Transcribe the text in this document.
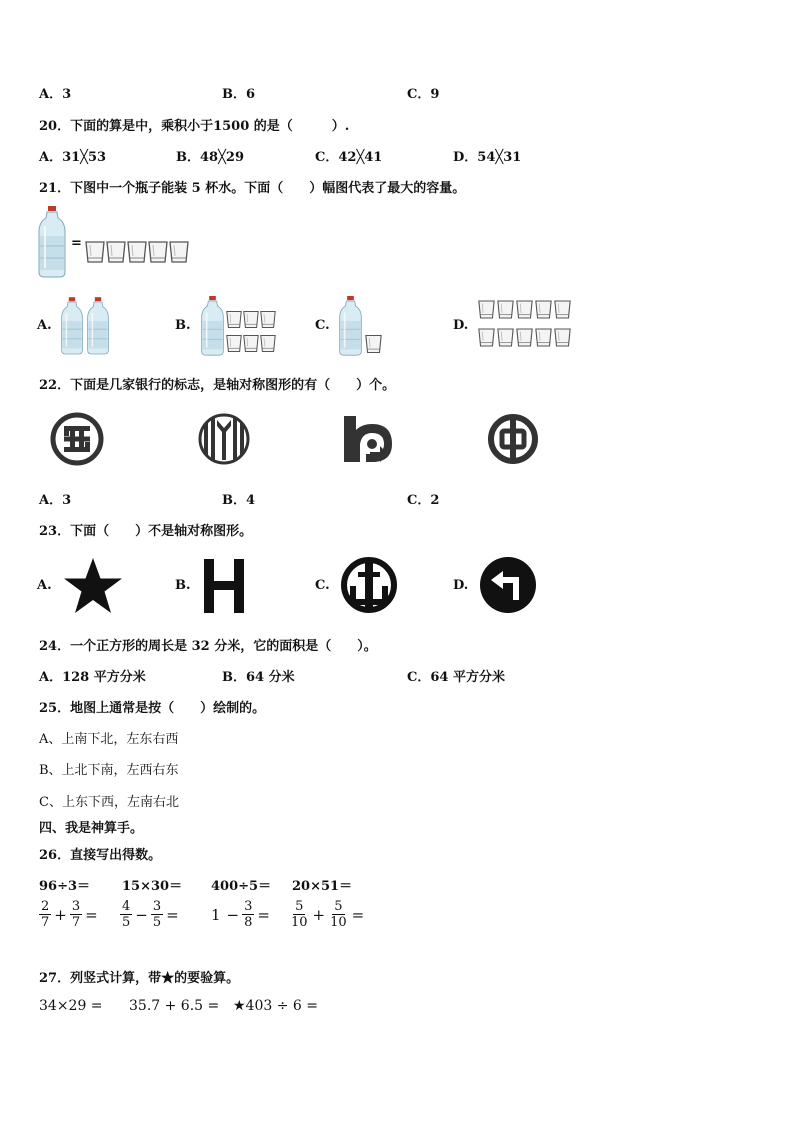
A．3	B．6	C．9
20．下面的算是中，乘积小于1500 的是（　　　）.
A．31╳53	B．48╳29	C．42╳41	D．54╳31
21．下图中一个瓶子能装 5 杯水。下面（　　）幅图代表了最大的容量。
=
A.	B.	C.	D.
22．下面是几家银行的标志，是轴对称图形的有（　　）个。
A．3	B．4	C．2
23．下面（　　）不是轴对称图形。
A.	B.	C.	D.
24．一个正方形的周长是 32 分米，它的面积是（　　）。
A．128 平方分米	B．64 分米	C．64 平方分米
25．地图上通常是按（　　）绘制的。
A、上南下北，左东右西
B、上北下南，左西右东
C、上东下西，左南右北
四、我是神算手。
26．直接写出得数。
96÷3＝ 15×30＝ 400÷5＝ 20×51＝
$\frac{2}{7} + \frac{3}{7} = \frac{4}{5} - \frac{3}{5} = 1 - \frac{3}{8} = \frac{5}{10} + \frac{5}{10}$ =
27．列竖式计算，带★的要验算。
34×29 = 35.7 + 6.5 = ★403 ÷ 6 =
